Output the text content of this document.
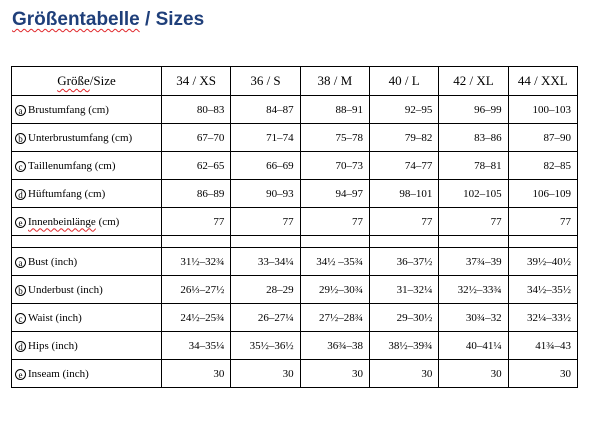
Größentabelle / Sizes
Größe/Size	34 / XS	36 / S	38 / M	40 / L	42 / XL	44 / XXL
a Brustumfang (cm)	80–83	84–87	88–91	92–95	96–99	100–103
b Unterbrustumfang (cm)	67–70	71–74	75–78	79–82	83–86	87–90
c Taillenumfang (cm)	62–65	66–69	70–73	74–77	78–81	82–85
d Hüftumfang (cm)	86–89	90–93	94–97	98–101	102–105	106–109
e Innenbeinlänge (cm)	77	77	77	77	77	77

a Bust (inch)	31½–32¾	33–34¼	34½ –35¾	36–37½	37¾–39	39½–40½
b Underbust (inch)	26⅓–27½	28–29	29½–30¾	31–32¼	32½–33¾	34½–35½
c Waist (inch)	24½–25¾	26–27¼	27½–28¾	29–30½	30¾–32	32¼–33½
d Hips (inch)	34–35¼	35½–36½	36¾–38	38½–39¾	40–41¼	41¾–43
e Inseam (inch)	30	30	30	30	30	30
